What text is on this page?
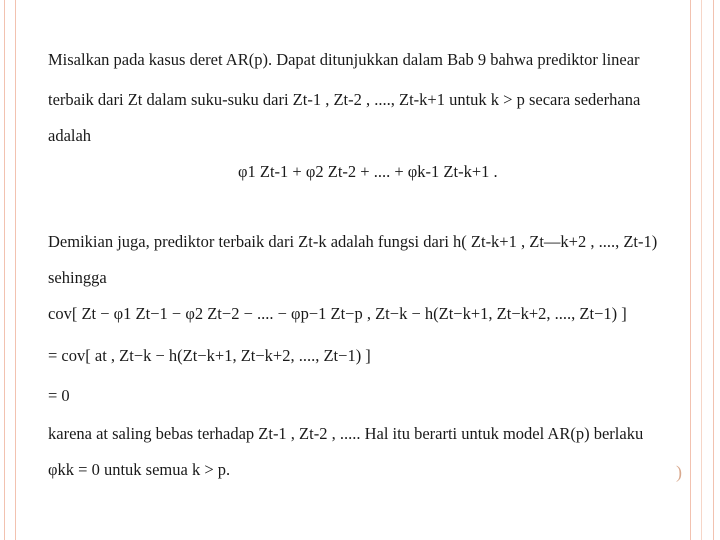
Misalkan pada kasus deret AR(p). Dapat ditunjukkan dalam Bab 9 bahwa prediktor linear
terbaik dari Zt dalam suku-suku dari Zt-1 , Zt-2 , ...., Zt-k+1 untuk k > p secara sederhana
adalah
φ1 Zt-1 + φ2 Zt-2 + .... + φk-1 Zt-k+1 .
Demikian juga, prediktor terbaik dari Zt-k adalah fungsi dari h( Zt-k+1 , Zt—k+2 , ...., Zt-1)
sehingga
cov[ Zt − φ1 Zt−1 − φ2 Zt−2 − .... − φp−1 Zt−p , Zt−k − h(Zt−k+1, Zt−k+2, ...., Zt−1) ]
= cov[ at , Zt−k − h(Zt−k+1, Zt−k+2, ...., Zt−1) ]
= 0
karena at saling bebas terhadap Zt-1 , Zt-2 , ..... Hal itu berarti untuk model AR(p) berlaku
φkk = 0 untuk semua k > p.	)
